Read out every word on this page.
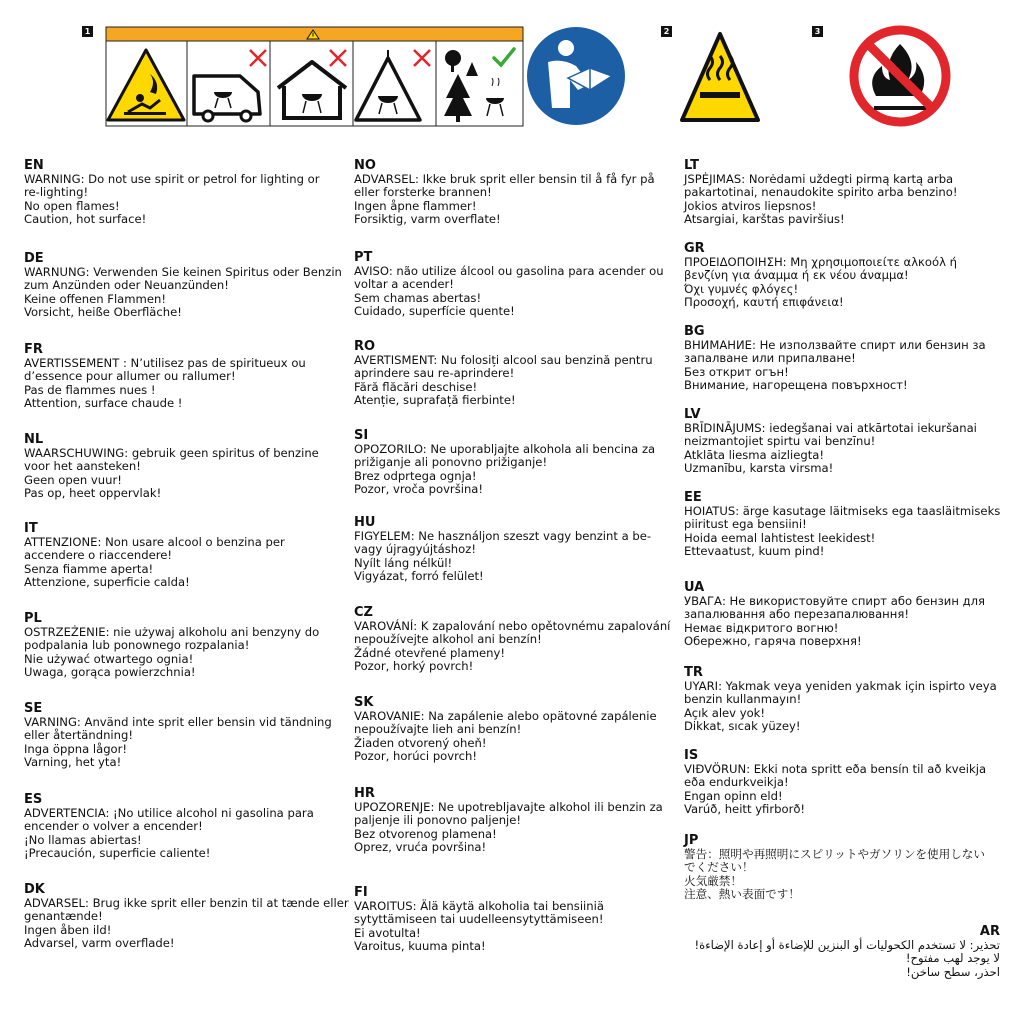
1	2	3
EN
WARNING: Do not use spirit or petrol for lighting or
re-lighting!
No open flames!
Caution, hot surface!
DE
WARNUNG: Verwenden Sie keinen Spiritus oder Benzin
zum Anzünden oder Neuanzünden!
Keine offenen Flammen!
Vorsicht, heiße Oberfläche!
FR
AVERTISSEMENT : N’utilisez pas de spiritueux ou
d’essence pour allumer ou rallumer!
Pas de flammes nues !
Attention, surface chaude !
NL
WAARSCHUWING: gebruik geen spiritus of benzine
voor het aansteken!
Geen open vuur!
Pas op, heet oppervlak!
IT
ATTENZIONE: Non usare alcool o benzina per
accendere o riaccendere!
Senza fiamme aperta!
Attenzione, superficie calda!
PL
OSTRZEŻENIE: nie używaj alkoholu ani benzyny do
podpalania lub ponownego rozpalania!
Nie używać otwartego ognia!
Uwaga, gorąca powierzchnia!
SE
VARNING: Använd inte sprit eller bensin vid tändning
eller återtändning!
Inga öppna lågor!
Varning, het yta!
ES
ADVERTENCIA: ¡No utilice alcohol ni gasolina para
encender o volver a encender!
¡No llamas abiertas!
¡Precaución, superficie caliente!
DK
ADVARSEL: Brug ikke sprit eller benzin til at tænde eller
genantænde!
Ingen åben ild!
Advarsel, varm overflade!
NO
ADVARSEL: Ikke bruk sprit eller bensin til å få fyr på
eller forsterke brannen!
Ingen åpne flammer!
Forsiktig, varm overflate!
PT
AVISO: não utilize álcool ou gasolina para acender ou
voltar a acender!
Sem chamas abertas!
Cuidado, superfície quente!
RO
AVERTISMENT: Nu folosiți alcool sau benzină pentru
aprindere sau re-aprindere!
Fără flăcări deschise!
Atenție, suprafață fierbinte!
SI
OPOZORILO: Ne uporabljajte alkohola ali bencina za
prižiganje ali ponovno prižiganje!
Brez odprtega ognja!
Pozor, vroča površina!
HU
FIGYELEM: Ne használjon szeszt vagy benzint a be-
vagy újragyújtáshoz!
Nyílt láng nélkül!
Vigyázat, forró felület!
CZ
VAROVÁNÍ: K zapalování nebo opětovnému zapalování
nepoužívejte alkohol ani benzín!
Žádné otevřené plameny!
Pozor, horký povrch!
SK
VAROVANIE: Na zapálenie alebo opätovné zapálenie
nepoužívajte lieh ani benzín!
Žiaden otvorený oheň!
Pozor, horúci povrch!
HR
UPOZORENJE: Ne upotrebljavajte alkohol ili benzin za
paljenje ili ponovno paljenje!
Bez otvorenog plamena!
Oprez, vruća površina!
FI
VAROITUS: Älä käytä alkoholia tai bensiiniä
sytyttämiseen tai uudelleensytyttämiseen!
Ei avotulta!
Varoitus, kuuma pinta!
LT
JSPĖJIMAS: Norėdami uždegti pirmą kartą arba
pakartotinai, nenaudokite spirito arba benzino!
Jokios atviros liepsnos!
Atsargiai, karštas paviršius!
GR
ΠΡΟΕΙΔΟΠΟΙΗΣΗ: Μη χρησιμοποιείτε αλκοόλ ή
βενζίνη για άναμμα ή εκ νέου άναμμα!
Όχι γυμνές φλόγες!
Προσοχή, καυτή επιφάνεια!
BG
ВНИМАНИЕ: Не използвайте спирт или бензин за
запалване или припалване!
Без открит огън!
Внимание, нагорещена повърхност!
LV
BRĪDINĀJUMS: iedegšanai vai atkārtotai iekuršanai
neizmantojiet spirtu vai benzīnu!
Atklāta liesma aizliegta!
Uzmanību, karsta virsma!
EE
HOIATUS: ärge kasutage läitmiseks ega taasläitmiseks
piiritust ega bensiini!
Hoida eemal lahtistest leekidest!
Ettevaatust, kuum pind!
UA
УВАГА: Не використовуйте спирт або бензин для
запалювання або перезапалювання!
Немає відкритого вогню!
Обережно, гаряча поверхня!
TR
UYARI: Yakmak veya yeniden yakmak için ispirto veya
benzin kullanmayın!
Açık alev yok!
Dikkat, sıcak yüzey!
IS
VIÐVÖRUN: Ekki nota spritt eða bensín til að kveikja
eða endurkveikja!
Engan opinn eld!
Varúð, heitt yfirborð!
JP
警告：照明や再照明にスピリットやガソリンを使用しない
でください！
火気厳禁！
注意、熱い表面です！
AR
تحذير: لا تستخدم الكحوليات أو البنزين للإضاءة أو إعادة الإضاءة!
لا يوجد لهب مفتوح!
احذر، سطح ساخن!
